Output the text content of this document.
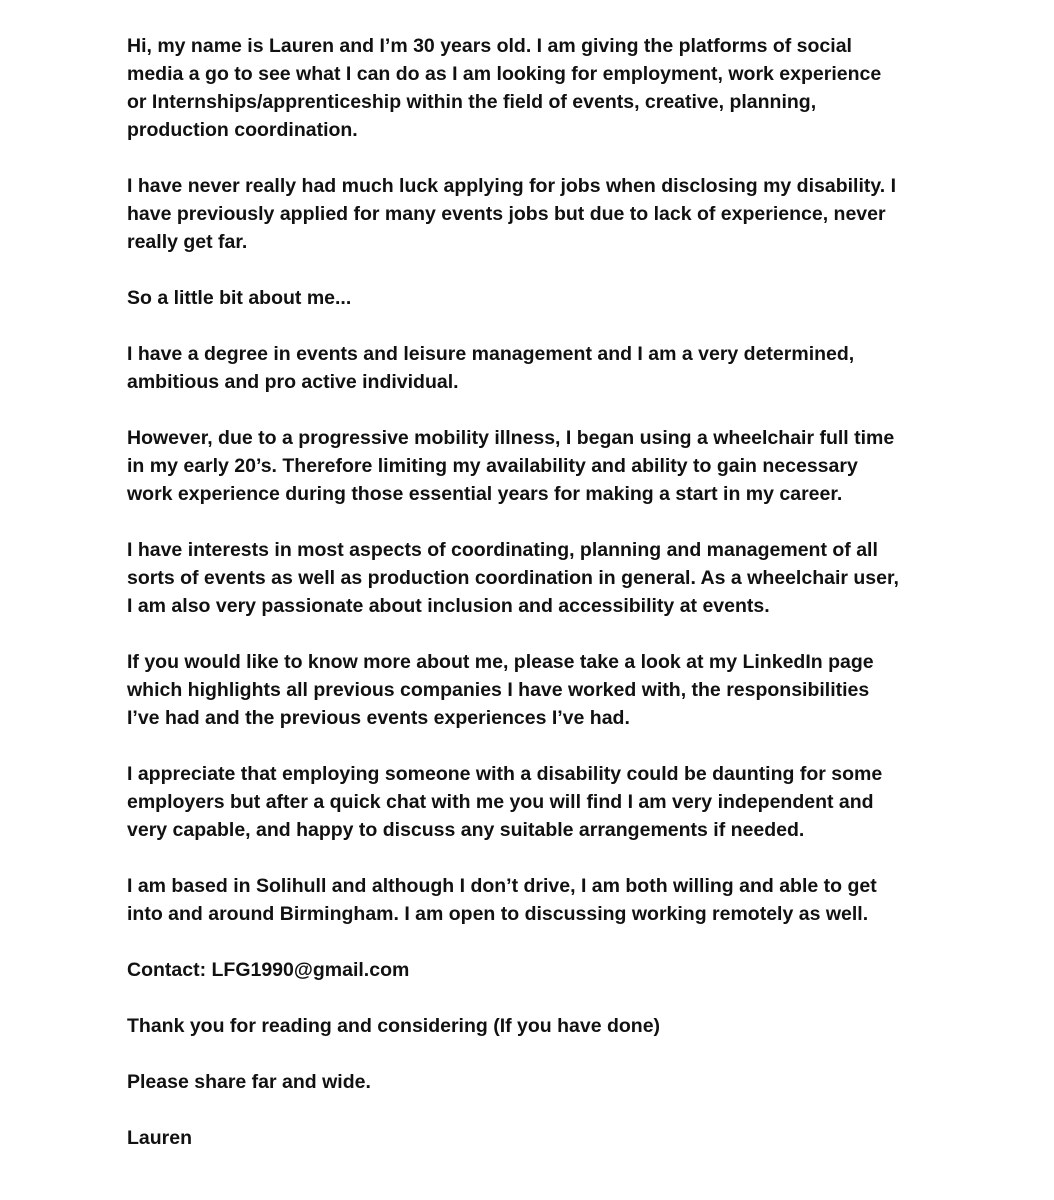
Hi, my name is Lauren and I’m 30 years old. I am giving the platforms of social
media a go to see what I can do as I am looking for employment, work experience
or Internships/apprenticeship within the field of events, creative, planning,
production coordination.

I have never really had much luck applying for jobs when disclosing my disability. I
have previously applied for many events jobs but due to lack of experience, never
really get far.

So a little bit about me...

I have a degree in events and leisure management and I am a very determined,
ambitious and pro active individual.

However, due to a progressive mobility illness, I began using a wheelchair full time
in my early 20’s. Therefore limiting my availability and ability to gain necessary
work experience during those essential years for making a start in my career.

I have interests in most aspects of coordinating, planning and management of all
sorts of events as well as production coordination in general. As a wheelchair user,
I am also very passionate about inclusion and accessibility at events.

If you would like to know more about me, please take a look at my LinkedIn page
which highlights all previous companies I have worked with, the responsibilities
I’ve had and the previous events experiences I’ve had.

I appreciate that employing someone with a disability could be daunting for some
employers but after a quick chat with me you will find I am very independent and
very capable, and happy to discuss any suitable arrangements if needed.

I am based in Solihull and although I don’t drive, I am both willing and able to get
into and around Birmingham. I am open to discussing working remotely as well.

Contact: LFG1990@gmail.com

Thank you for reading and considering (If you have done)

Please share far and wide.

Lauren
